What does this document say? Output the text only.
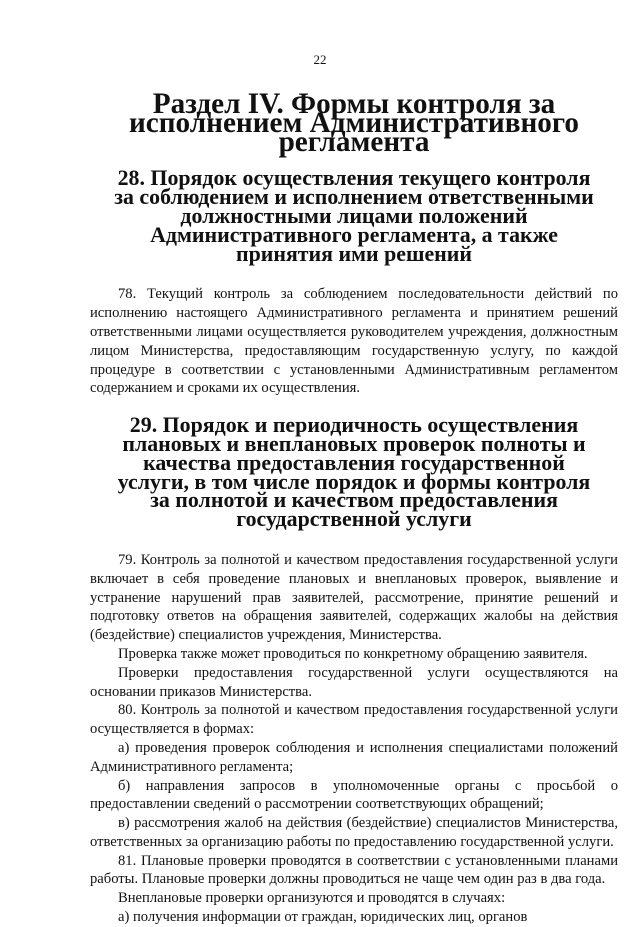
22
Раздел IV. Формы контроля за исполнением Административного регламента
28. Порядок осуществления текущего контроля за соблюдением и исполнением ответственными должностными лицами положений Административного регламента, а также принятия ими решений

78. Текущий контроль за соблюдением последовательности действий по исполнению настоящего Административного регламента и принятием решений ответственными лицами осуществляется руководителем учреждения, должностным лицом Министерства, предоставляющим государственную услугу, по каждой процедуре в соответствии с установленными Административным регламентом содержанием и сроками их осуществления.

29. Порядок и периодичность осуществления плановых и внеплановых проверок полноты и качества предоставления государственной услуги, в том числе порядок и формы контроля за полнотой и качеством предоставления государственной услуги

79. Контроль за полнотой и качеством предоставления государственной услуги включает в себя проведение плановых и внеплановых проверок, выявление и устранение нарушений прав заявителей, рассмотрение, принятие решений и подготовку ответов на обращения заявителей, содержащих жалобы на действия (бездействие) специалистов учреждения, Министерства.

Проверка также может проводиться по конкретному обращению заявителя.

Проверки предоставления государственной услуги осуществляются на основании приказов Министерства.

80. Контроль за полнотой и качеством предоставления государственной услуги осуществляется в формах:

а) проведения проверок соблюдения и исполнения специалистами положений Административного регламента;

б) направления запросов в уполномоченные органы с просьбой о предоставлении сведений о рассмотрении соответствующих обращений;

в) рассмотрения жалоб на действия (бездействие) специалистов Министерства, ответственных за организацию работы по предоставлению государственной услуги.

81. Плановые проверки проводятся в соответствии с установленными планами работы. Плановые проверки должны проводиться не чаще чем один раз в два года.

Внеплановые проверки организуются и проводятся в случаях:

а) получения информации от граждан, юридических лиц, органов
